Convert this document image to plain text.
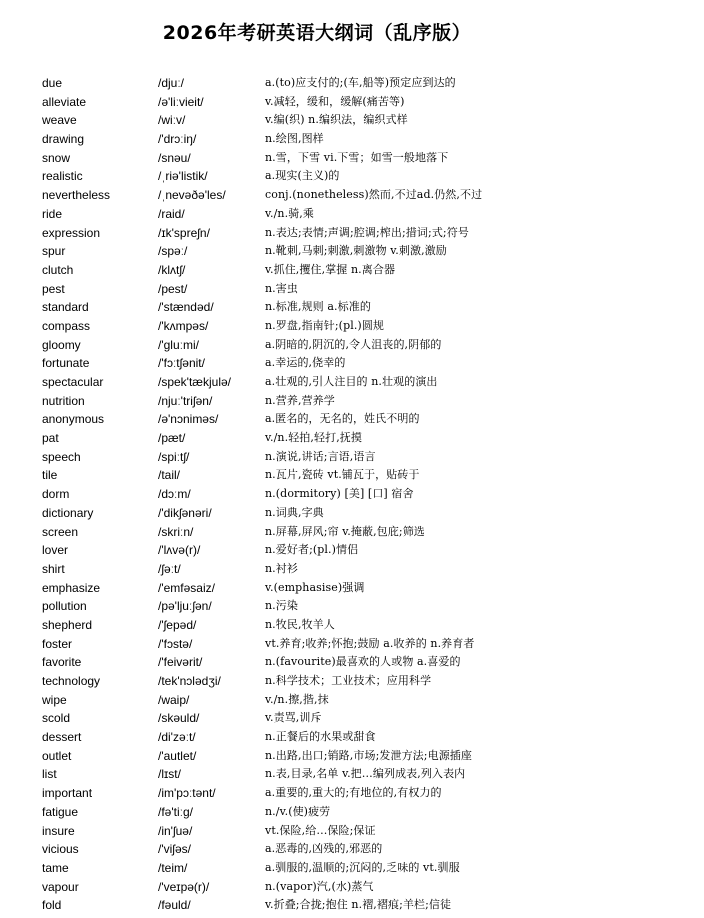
2026年考研英语大纲词（乱序版）
due	/djuː/	a.(to)应支付的;(车,船等)预定应到达的
alleviate	/ə'liːvieit/	v.减轻，缓和，缓解(痛苦等)
weave	/wiːv/	v.编(织) n.编织法，编织式样
drawing	/'drɔːiŋ/	n.绘图,图样
snow	/snəu/	n.雪，下雪 vi.下雪；如雪一般地落下
realistic	/ˌriə'listik/	a.现实(主义)的
nevertheless	/ˌnevəðə'les/	conj.(nonetheless)然而,不过ad.仍然,不过
ride	/raid/	v./n.骑,乘
expression	/ɪk'spreʃn/	n.表达;表情;声调;腔调;榨出;措词;式;符号
spur	/spəː/	n.靴刺,马刺;刺激,刺激物 v.刺激,激励
clutch	/klʌtʃ/	v.抓住,攫住,掌握 n.离合器
pest	/pest/	n.害虫
standard	/'stændəd/	n.标准,规则 a.标准的
compass	/'kʌmpəs/	n.罗盘,指南针;(pl.)圆规
gloomy	/'gluːmi/	a.阴暗的,阴沉的,令人沮丧的,阴郁的
fortunate	/'fɔːtʃənit/	a.幸运的,侥幸的
spectacular	/spek'tækjulə/	a.壮观的,引人注目的 n.壮观的演出
nutrition	/njuː'triʃən/	n.营养,营养学
anonymous	/ə'nɔniməs/	a.匿名的，无名的，姓氏不明的
pat	/pæt/	v./n.轻拍,轻打,抚摸
speech	/spiːtʃ/	n.演说,讲话;言语,语言
tile	/tail/	n.瓦片,瓷砖 vt.铺瓦于，贴砖于
dorm	/dɔːm/	n.(dormitory) [美] [口] 宿舍
dictionary	/'dikʃənəri/	n.词典,字典
screen	/skriːn/	n.屏幕,屏风;帘 v.掩蔽,包庇;筛选
lover	/'lʌvə(r)/	n.爱好者;(pl.)情侣
shirt	/ʃəːt/	n.衬衫
emphasize	/'emfəsaiz/	v.(emphasise)强调
pollution	/pə'ljuːʃən/	n.污染
shepherd	/'ʃepəd/	n.牧民,牧羊人
foster	/'fɔstə/	vt.养育;收养;怀抱;鼓励 a.收养的 n.养育者
favorite	/'feivərit/	n.(favourite)最喜欢的人或物 a.喜爱的
technology	/tek'nɔlədʒi/	n.科学技术；工业技术；应用科学
wipe	/waip/	v./n.擦,揩,抹
scold	/skəuld/	v.责骂,训斥
dessert	/di'zəːt/	n.正餐后的水果或甜食
outlet	/'autlet/	n.出路,出口;销路,市场;发泄方法;电源插座
list	/lɪst/	n.表,目录,名单 v.把…编列成表,列入表内
important	/im'pɔːtənt/	a.重要的,重大的;有地位的,有权力的
fatigue	/fə'tiːg/	n./v.(使)疲劳
insure	/in'ʃuə/	vt.保险,给…保险;保证
vicious	/'viʃəs/	a.恶毒的,凶残的,邪恶的
tame	/teim/	a.驯服的,温顺的;沉闷的,乏味的 vt.驯服
vapour	/'veɪpə(r)/	n.(vapor)汽,(水)蒸气
fold	/fəuld/	v.折叠;合拢;抱住 n.褶,褶痕;羊栏;信徒
